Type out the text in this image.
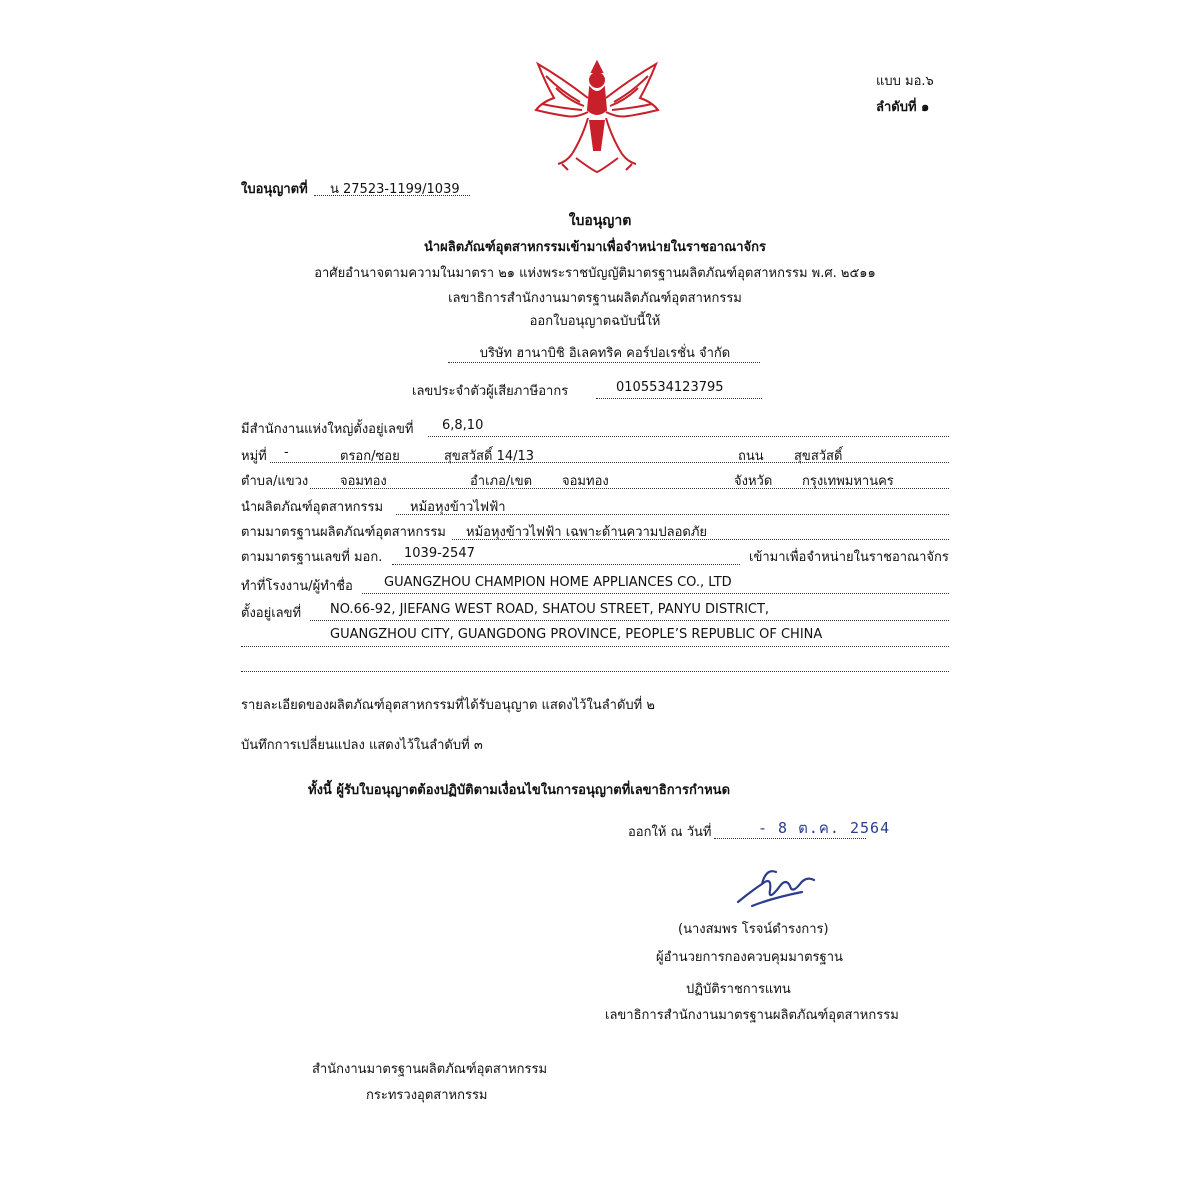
แบบ มอ.๖
ลำดับที่ ๑
ใบอนุญาตที่ น 27523-1199/1039
ใบอนุญาต
นำผลิตภัณฑ์อุตสาหกรรมเข้ามาเพื่อจำหน่ายในราชอาณาจักร
อาศัยอำนาจตามความในมาตรา ๒๑ แห่งพระราชบัญญัติมาตรฐานผลิตภัณฑ์อุตสาหกรรม พ.ศ. ๒๕๑๑
เลขาธิการสำนักงานมาตรฐานผลิตภัณฑ์อุตสาหกรรม
ออกใบอนุญาตฉบับนี้ให้
บริษัท ฮานาบิชิ อิเลคทริค คอร์ปอเรชั่น จำกัด
เลขประจำตัวผู้เสียภาษีอากร	0105534123795
มีสำนักงานแห่งใหญ่ตั้งอยู่เลขที่ 6,8,10
หมู่ที่ -	ตรอก/ซอย	สุขสวัสดิ์ 14/13	ถนน สุขสวัสดิ์
ตำบล/แขวง จอมทอง	อำเภอ/เขต จอมทอง	จังหวัด กรุงเทพมหานคร
นำผลิตภัณฑ์อุตสาหกรรม หม้อหุงข้าวไฟฟ้า
ตามมาตรฐานผลิตภัณฑ์อุตสาหกรรม หม้อหุงข้าวไฟฟ้า เฉพาะด้านความปลอดภัย
ตามมาตรฐานเลขที่ มอก. 1039-2547	เข้ามาเพื่อจำหน่ายในราชอาณาจักร
ทำที่โรงงาน/ผู้ทำชื่อ GUANGZHOU CHAMPION HOME APPLIANCES CO., LTD
ตั้งอยู่เลขที่ NO.66-92, JIEFANG WEST ROAD, SHATOU STREET, PANYU DISTRICT,
GUANGZHOU CITY, GUANGDONG PROVINCE, PEOPLE’S REPUBLIC OF CHINA
รายละเอียดของผลิตภัณฑ์อุตสาหกรรมที่ได้รับอนุญาต แสดงไว้ในลำดับที่ ๒
บันทึกการเปลี่ยนแปลง แสดงไว้ในลำดับที่ ๓
ทั้งนี้ ผู้รับใบอนุญาตต้องปฏิบัติตามเงื่อนไขในการอนุญาตที่เลขาธิการกำหนด
ออกให้ ณ วันที่	- 8 ต.ค. 2564
(นางสมพร โรจน์ดำรงการ)
ผู้อำนวยการกองควบคุมมาตรฐาน
ปฏิบัติราชการแทน
เลขาธิการสำนักงานมาตรฐานผลิตภัณฑ์อุตสาหกรรม
สำนักงานมาตรฐานผลิตภัณฑ์อุตสาหกรรม
กระทรวงอุตสาหกรรม
